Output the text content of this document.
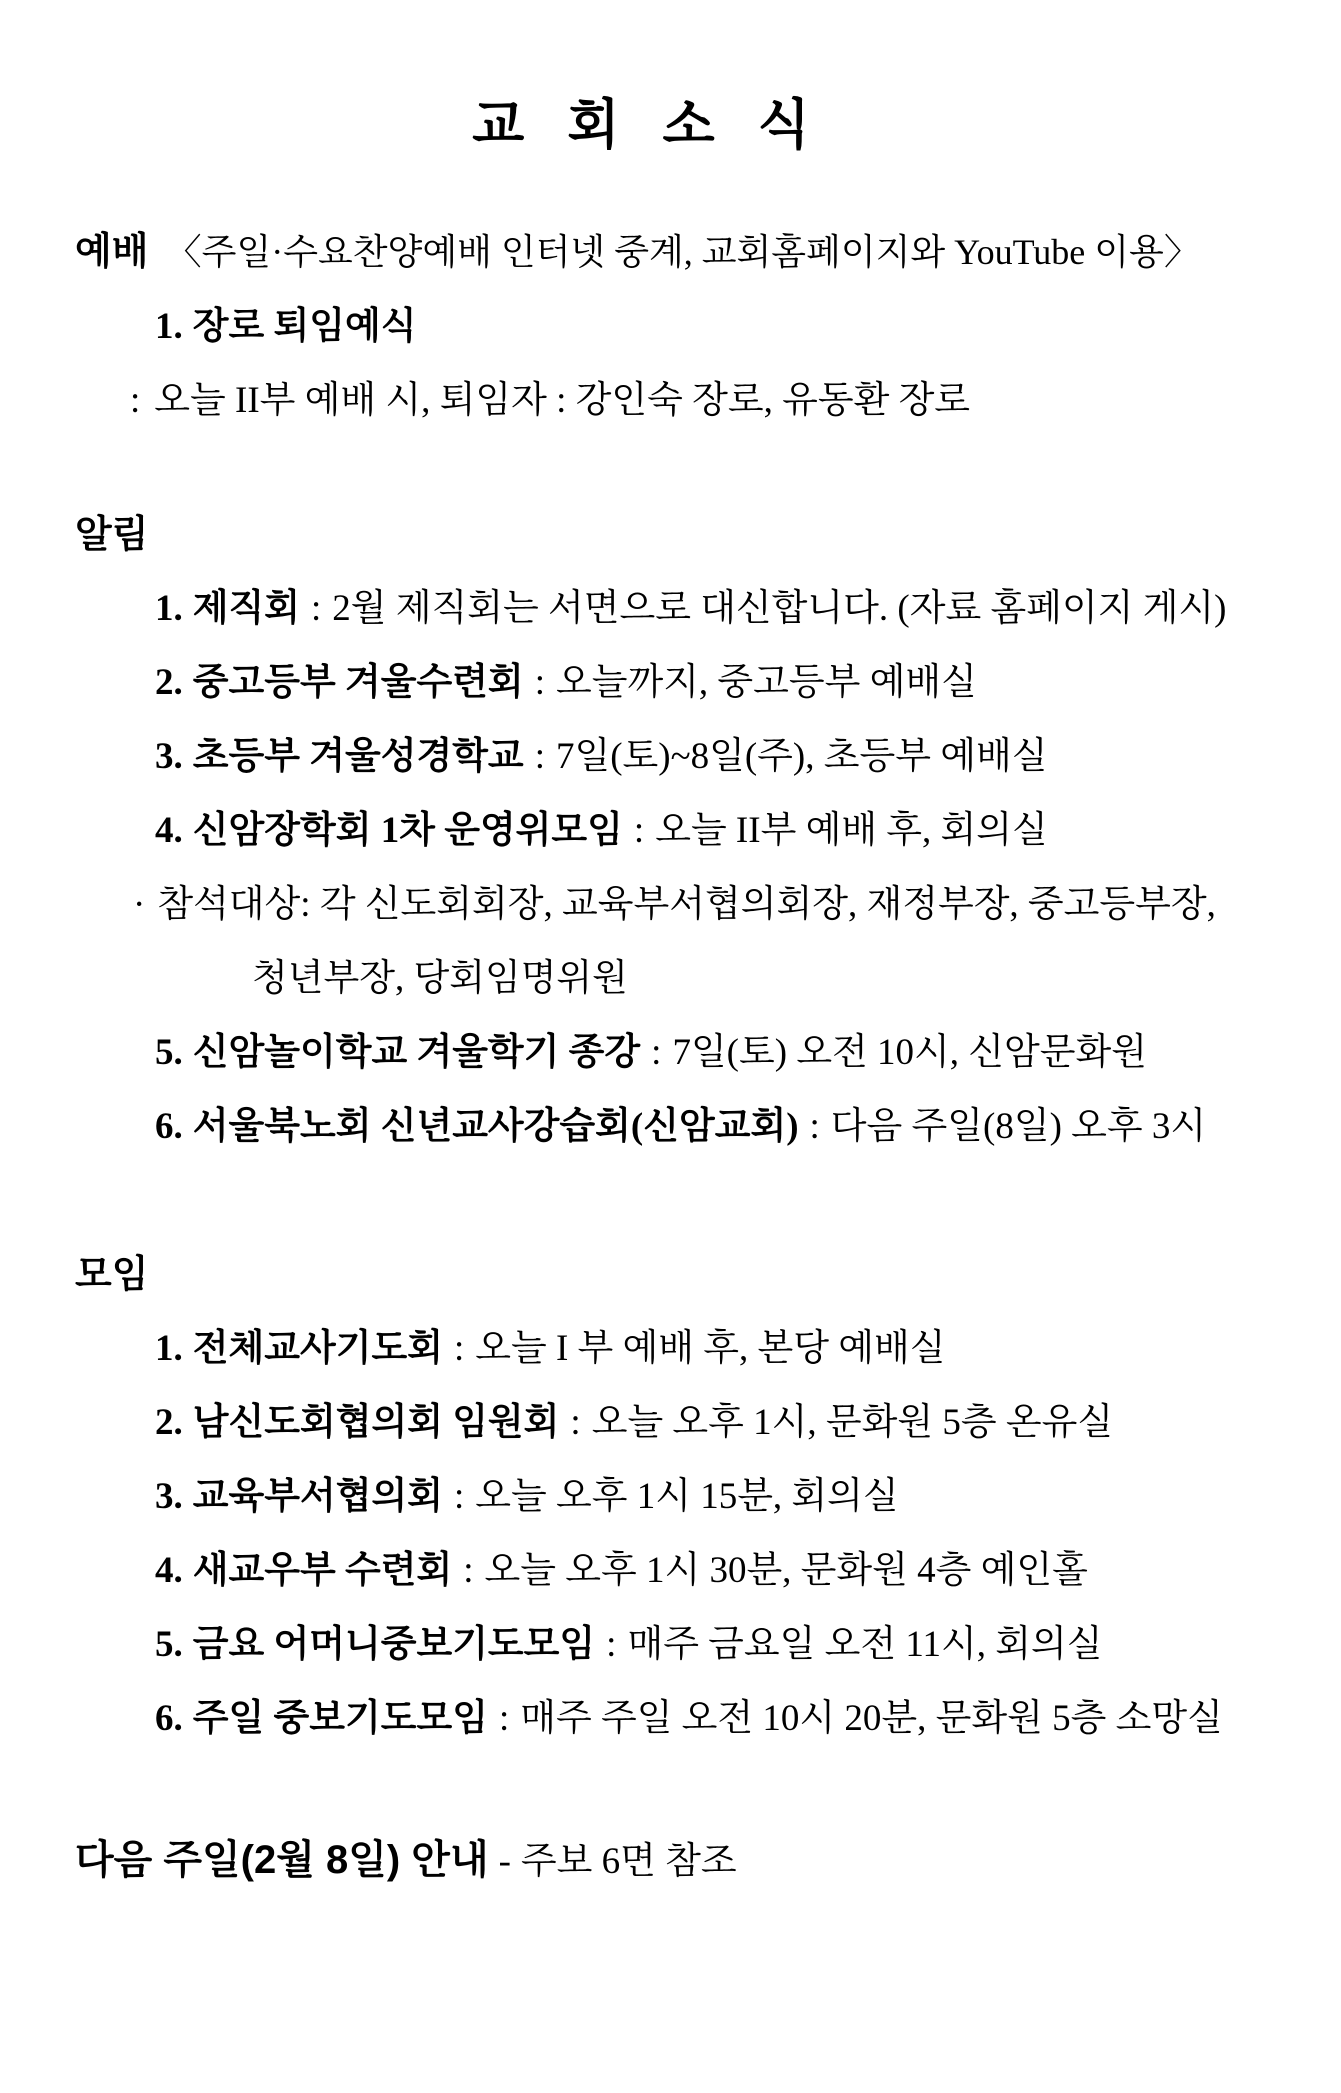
교 회 소 식
예배 〈주일·수요찬양예배 인터넷 중계, 교회홈페이지와 YouTube 이용〉
1. 장로 퇴임예식
: 오늘 II부 예배 시, 퇴임자 : 강인숙 장로, 유동환 장로
알림
1. 제직회 : 2월 제직회는 서면으로 대신합니다. (자료 홈페이지 게시)
2. 중고등부 겨울수련회 : 오늘까지, 중고등부 예배실
3. 초등부 겨울성경학교 : 7일(토)~8일(주), 초등부 예배실
4. 신암장학회 1차 운영위모임 : 오늘 II부 예배 후, 회의실
· 참석대상: 각 신도회회장, 교육부서협의회장, 재정부장, 중고등부장,
청년부장, 당회임명위원
5. 신암놀이학교 겨울학기 종강 : 7일(토) 오전 10시, 신암문화원
6. 서울북노회 신년교사강습회(신암교회) : 다음 주일(8일) 오후 3시
모임
1. 전체교사기도회 : 오늘 I 부 예배 후, 본당 예배실
2. 남신도회협의회 임원회 : 오늘 오후 1시, 문화원 5층 온유실
3. 교육부서협의회 : 오늘 오후 1시 15분, 회의실
4. 새교우부 수련회 : 오늘 오후 1시 30분, 문화원 4층 예인홀
5. 금요 어머니중보기도모임 : 매주 금요일 오전 11시, 회의실
6. 주일 중보기도모임 : 매주 주일 오전 10시 20분, 문화원 5층 소망실
다음 주일(2월 8일) 안내 - 주보 6면 참조
